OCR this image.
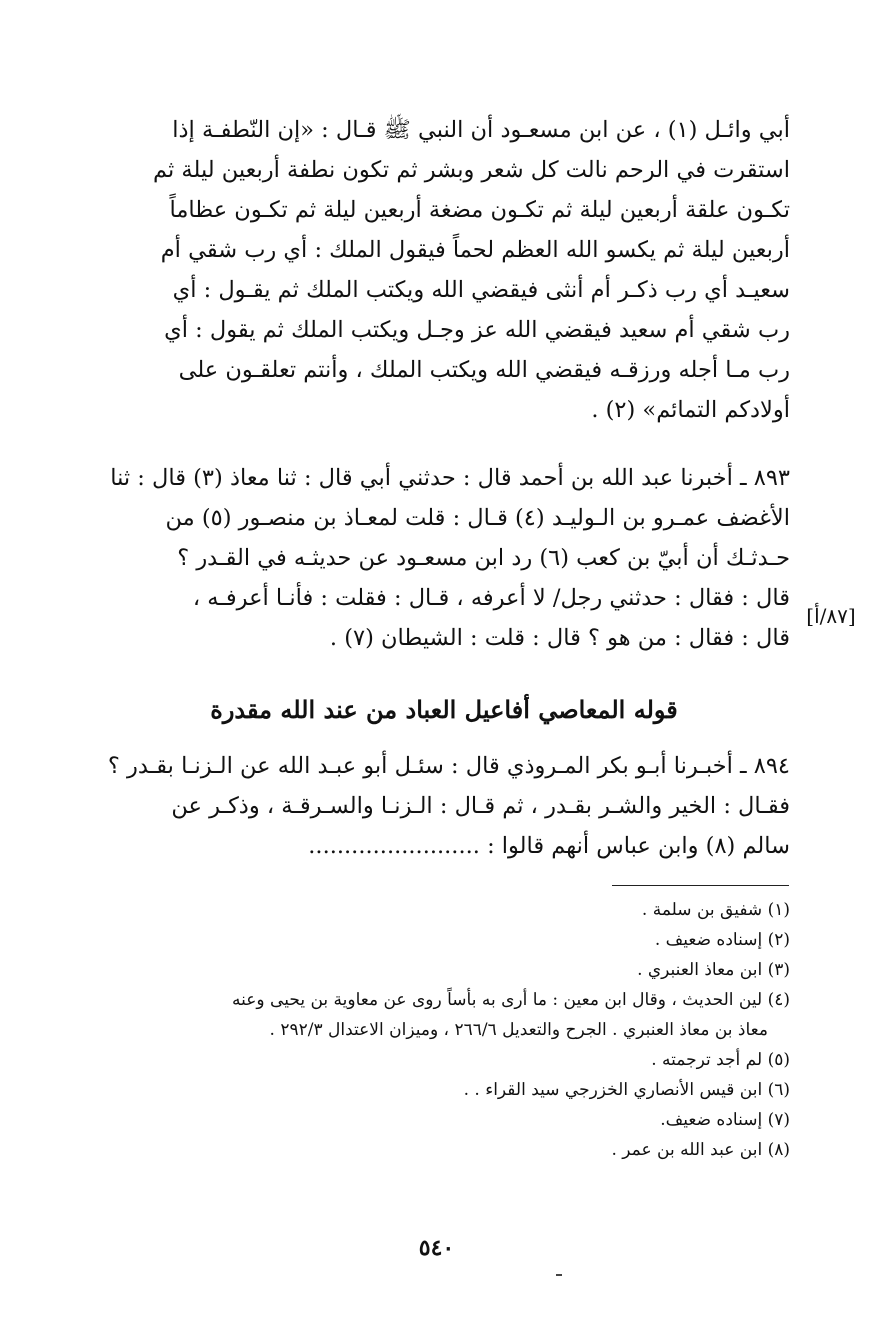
أبي وائـل (١) ، عن ابن مسعـود أن النبي ﷺ قـال : «إن النّطفـة إذا
استقرت في الرحم نالت كل شعر وبشر ثم تكون نطفة أربعين ليلة ثم
تكـون علقة أربعين ليلة ثم تكـون مضغة أربعين ليلة ثم تكـون عظاماً
أربعين ليلة ثم يكسو الله العظم لحماً فيقول الملك : أي رب شقي أم
سعيـد أي رب ذكـر أم أنثى فيقضي الله ويكتب الملك ثم يقـول : أي
رب شقي أم سعيد فيقضي الله عز وجـل ويكتب الملك ثم يقول : أي
رب مـا أجله ورزقـه فيقضي الله ويكتب الملك ، وأنتم تعلقـون على
أولادكم التمائم» (٢) .
٨٩٣ ـ أخبرنا عبد الله بن أحمد قال : حدثني أبي قال : ثنا معاذ (٣) قال : ثنا
الأغضف عمـرو بن الـوليـد (٤) قـال : قلت لمعـاذ بن منصـور (٥) من
حـدثـك أن أبيّ بن كعب (٦) رد ابن مسعـود عن حديثـه في القـدر ؟
قال : فقال : حدثني رجل/ لا أعرفه ، قـال : فقلت : فأنـا أعرفـه ،
قال : فقال : من هو ؟ قال : قلت : الشيطان (٧) .
[٨٧/أ]
قوله المعاصي أفاعيل العباد من عند الله مقدرة
٨٩٤ ـ أخبـرنا أبـو بكر المـروذي قال : سئـل أبو عبـد الله عن الـزنـا بقـدر ؟
فقـال : الخير والشـر بقـدر ، ثم قـال : الـزنـا والسـرقـة ، وذكـر عن
سالم (٨) وابن عباس أنهم قالوا : ........................
(١) شفيق بن سلمة .
(٢) إسناده ضعيف .
(٣) ابن معاذ العنبري .
(٤) لين الحديث ، وقال ابن معين : ما أرى به بأساً روى عن معاوية بن يحيى وعنه
معاذ بن معاذ العنبري . الجرح والتعديل ٢٦٦/٦ ، وميزان الاعتدال ٢٩٢/٣ .
(٥) لم أجد ترجمته .
(٦) ابن قيس الأنصاري الخزرجي سيد القراء . .
(٧) إسناده ضعيف.
(٨) ابن عبد الله بن عمر .
٥٤٠
